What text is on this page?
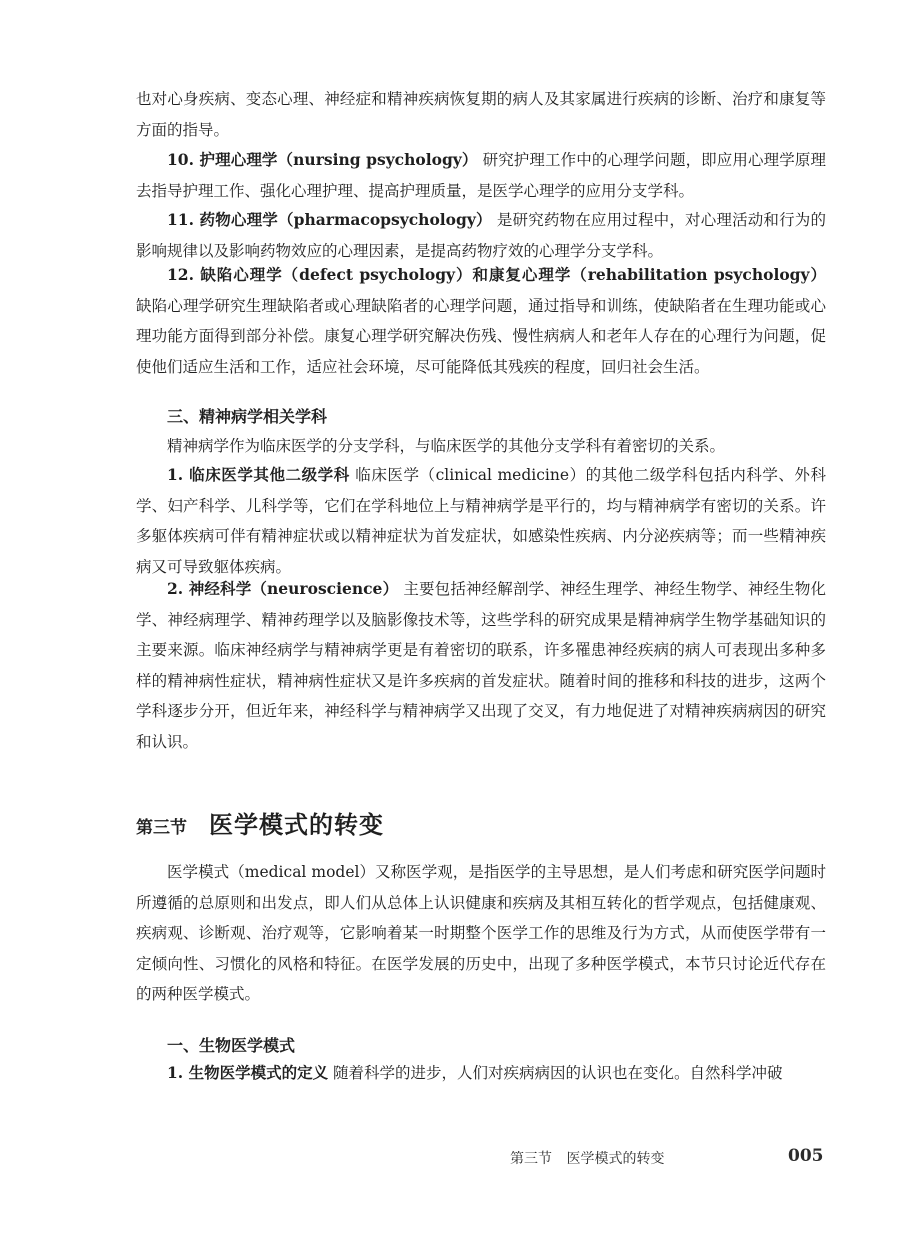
也对心身疾病、变态心理、神经症和精神疾病恢复期的病人及其家属进行疾病的诊断、治疗和康复等方面的指导。

10. 护理心理学（nursing psychology） 研究护理工作中的心理学问题，即应用心理学原理去指导护理工作、强化心理护理、提高护理质量，是医学心理学的应用分支学科。

11. 药物心理学（pharmacopsychology） 是研究药物在应用过程中，对心理活动和行为的影响规律以及影响药物效应的心理因素，是提高药物疗效的心理学分支学科。

12. 缺陷心理学（defect psychology）和康复心理学（rehabilitation psychology） 缺陷心理学研究生理缺陷者或心理缺陷者的心理学问题，通过指导和训练，使缺陷者在生理功能或心理功能方面得到部分补偿。康复心理学研究解决伤残、慢性病病人和老年人存在的心理行为问题，促使他们适应生活和工作，适应社会环境，尽可能降低其残疾的程度，回归社会生活。

三、精神病学相关学科

精神病学作为临床医学的分支学科，与临床医学的其他分支学科有着密切的关系。

1. 临床医学其他二级学科 临床医学（clinical medicine）的其他二级学科包括内科学、外科学、妇产科学、儿科学等，它们在学科地位上与精神病学是平行的，均与精神病学有密切的关系。许多躯体疾病可伴有精神症状或以精神症状为首发症状，如感染性疾病、内分泌疾病等；而一些精神疾病又可导致躯体疾病。

2. 神经科学（neuroscience） 主要包括神经解剖学、神经生理学、神经生物学、神经生物化学、神经病理学、精神药理学以及脑影像技术等，这些学科的研究成果是精神病学生物学基础知识的主要来源。临床神经病学与精神病学更是有着密切的联系，许多罹患神经疾病的病人可表现出多种多样的精神病性症状，精神病性症状又是许多疾病的首发症状。随着时间的推移和科技的进步，这两个学科逐步分开，但近年来，神经科学与精神病学又出现了交叉，有力地促进了对精神疾病病因的研究和认识。

第三节 医学模式的转变

医学模式（medical model）又称医学观，是指医学的主导思想，是人们考虑和研究医学问题时所遵循的总原则和出发点，即人们从总体上认识健康和疾病及其相互转化的哲学观点，包括健康观、疾病观、诊断观、治疗观等，它影响着某一时期整个医学工作的思维及行为方式，从而使医学带有一定倾向性、习惯化的风格和特征。在医学发展的历史中，出现了多种医学模式，本节只讨论近代存在的两种医学模式。

一、生物医学模式

1. 生物医学模式的定义 随着科学的进步，人们对疾病病因的认识也在变化。自然科学冲破

第三节 医学模式的转变	005
